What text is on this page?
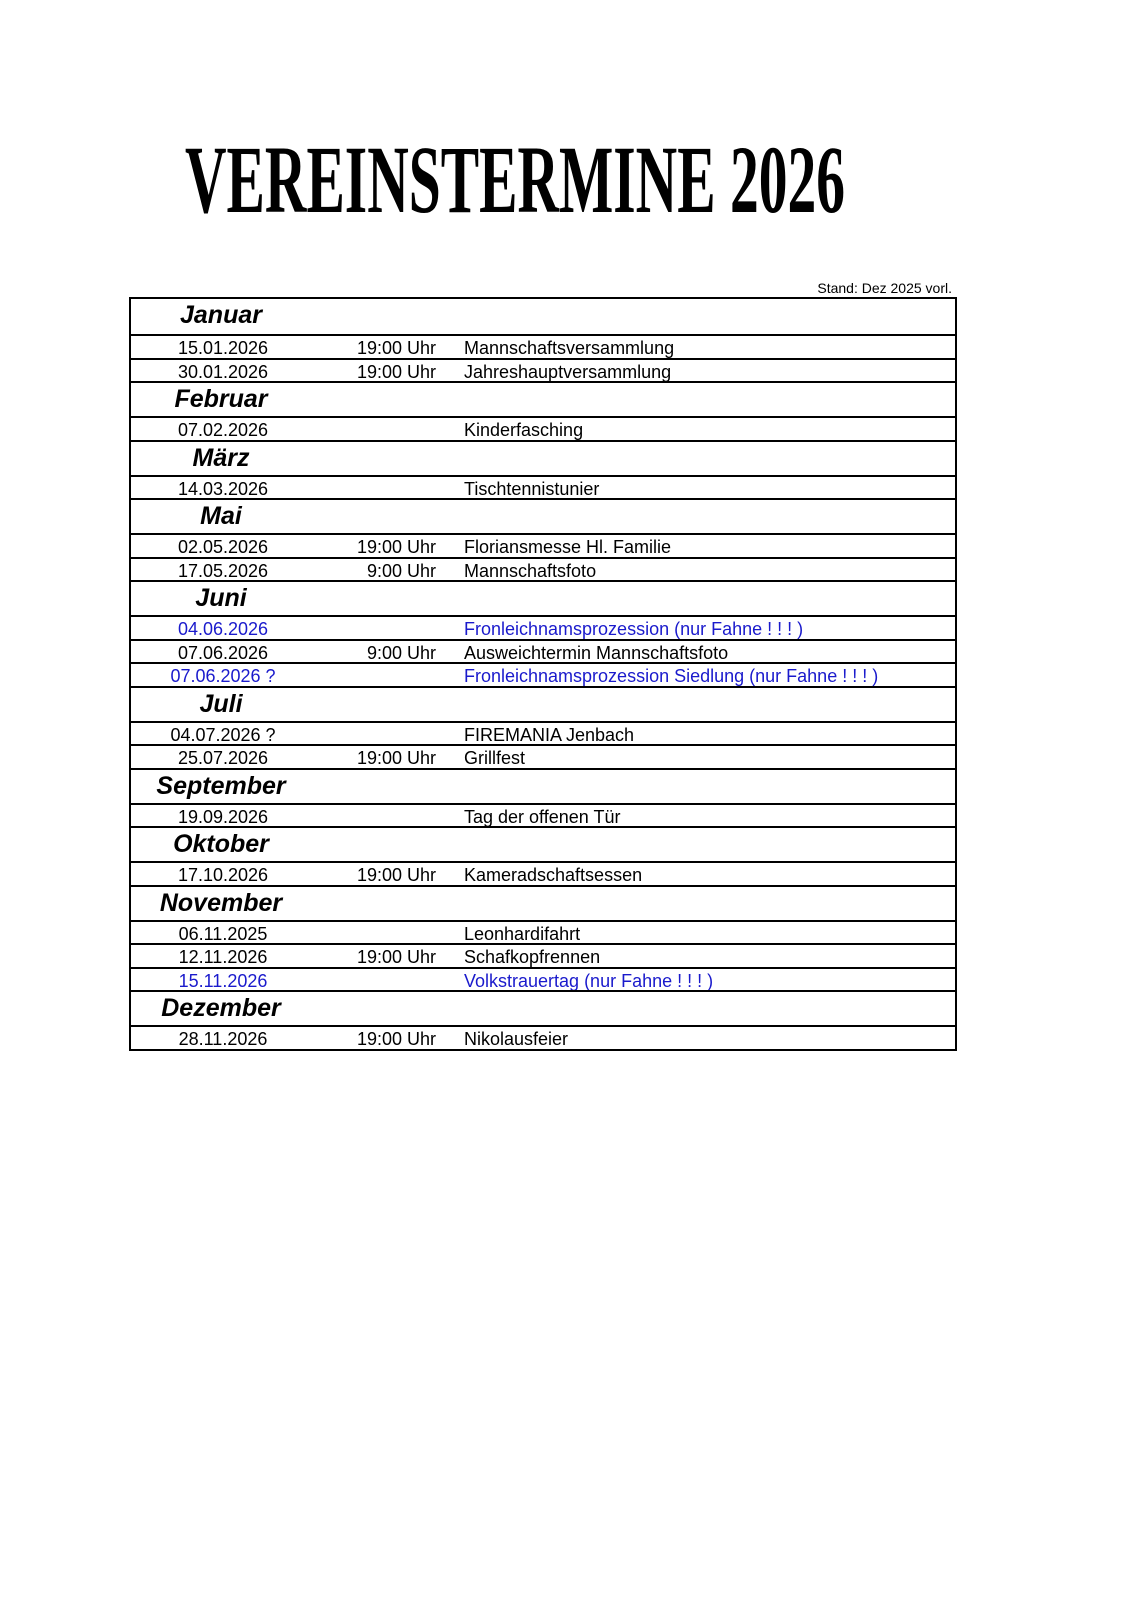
VEREINSTERMINE 2026
Stand: Dez 2025 vorl.
Januar
15.01.2026	19:00 Uhr Mannschaftsversammlung
30.01.2026	19:00 Uhr Jahreshauptversammlung
Februar
07.02.2026	Kinderfasching
März
14.03.2026	Tischtennistunier
Mai
02.05.2026	19:00 Uhr Floriansmesse Hl. Familie
17.05.2026	9:00 Uhr Mannschaftsfoto
Juni
04.06.2026	Fronleichnamsprozession (nur Fahne ! ! ! )
07.06.2026	9:00 Uhr Ausweichtermin Mannschaftsfoto
07.06.2026 ?	Fronleichnamsprozession Siedlung (nur Fahne ! ! ! )
Juli
04.07.2026 ?	FIREMANIA Jenbach
25.07.2026	19:00 Uhr Grillfest
September
19.09.2026	Tag der offenen Tür
Oktober
17.10.2026	19:00 Uhr Kameradschaftsessen
November
06.11.2025	Leonhardifahrt
12.11.2026	19:00 Uhr Schafkopfrennen
15.11.2026	Volkstrauertag (nur Fahne ! ! ! )
Dezember
28.11.2026	19:00 Uhr Nikolausfeier
